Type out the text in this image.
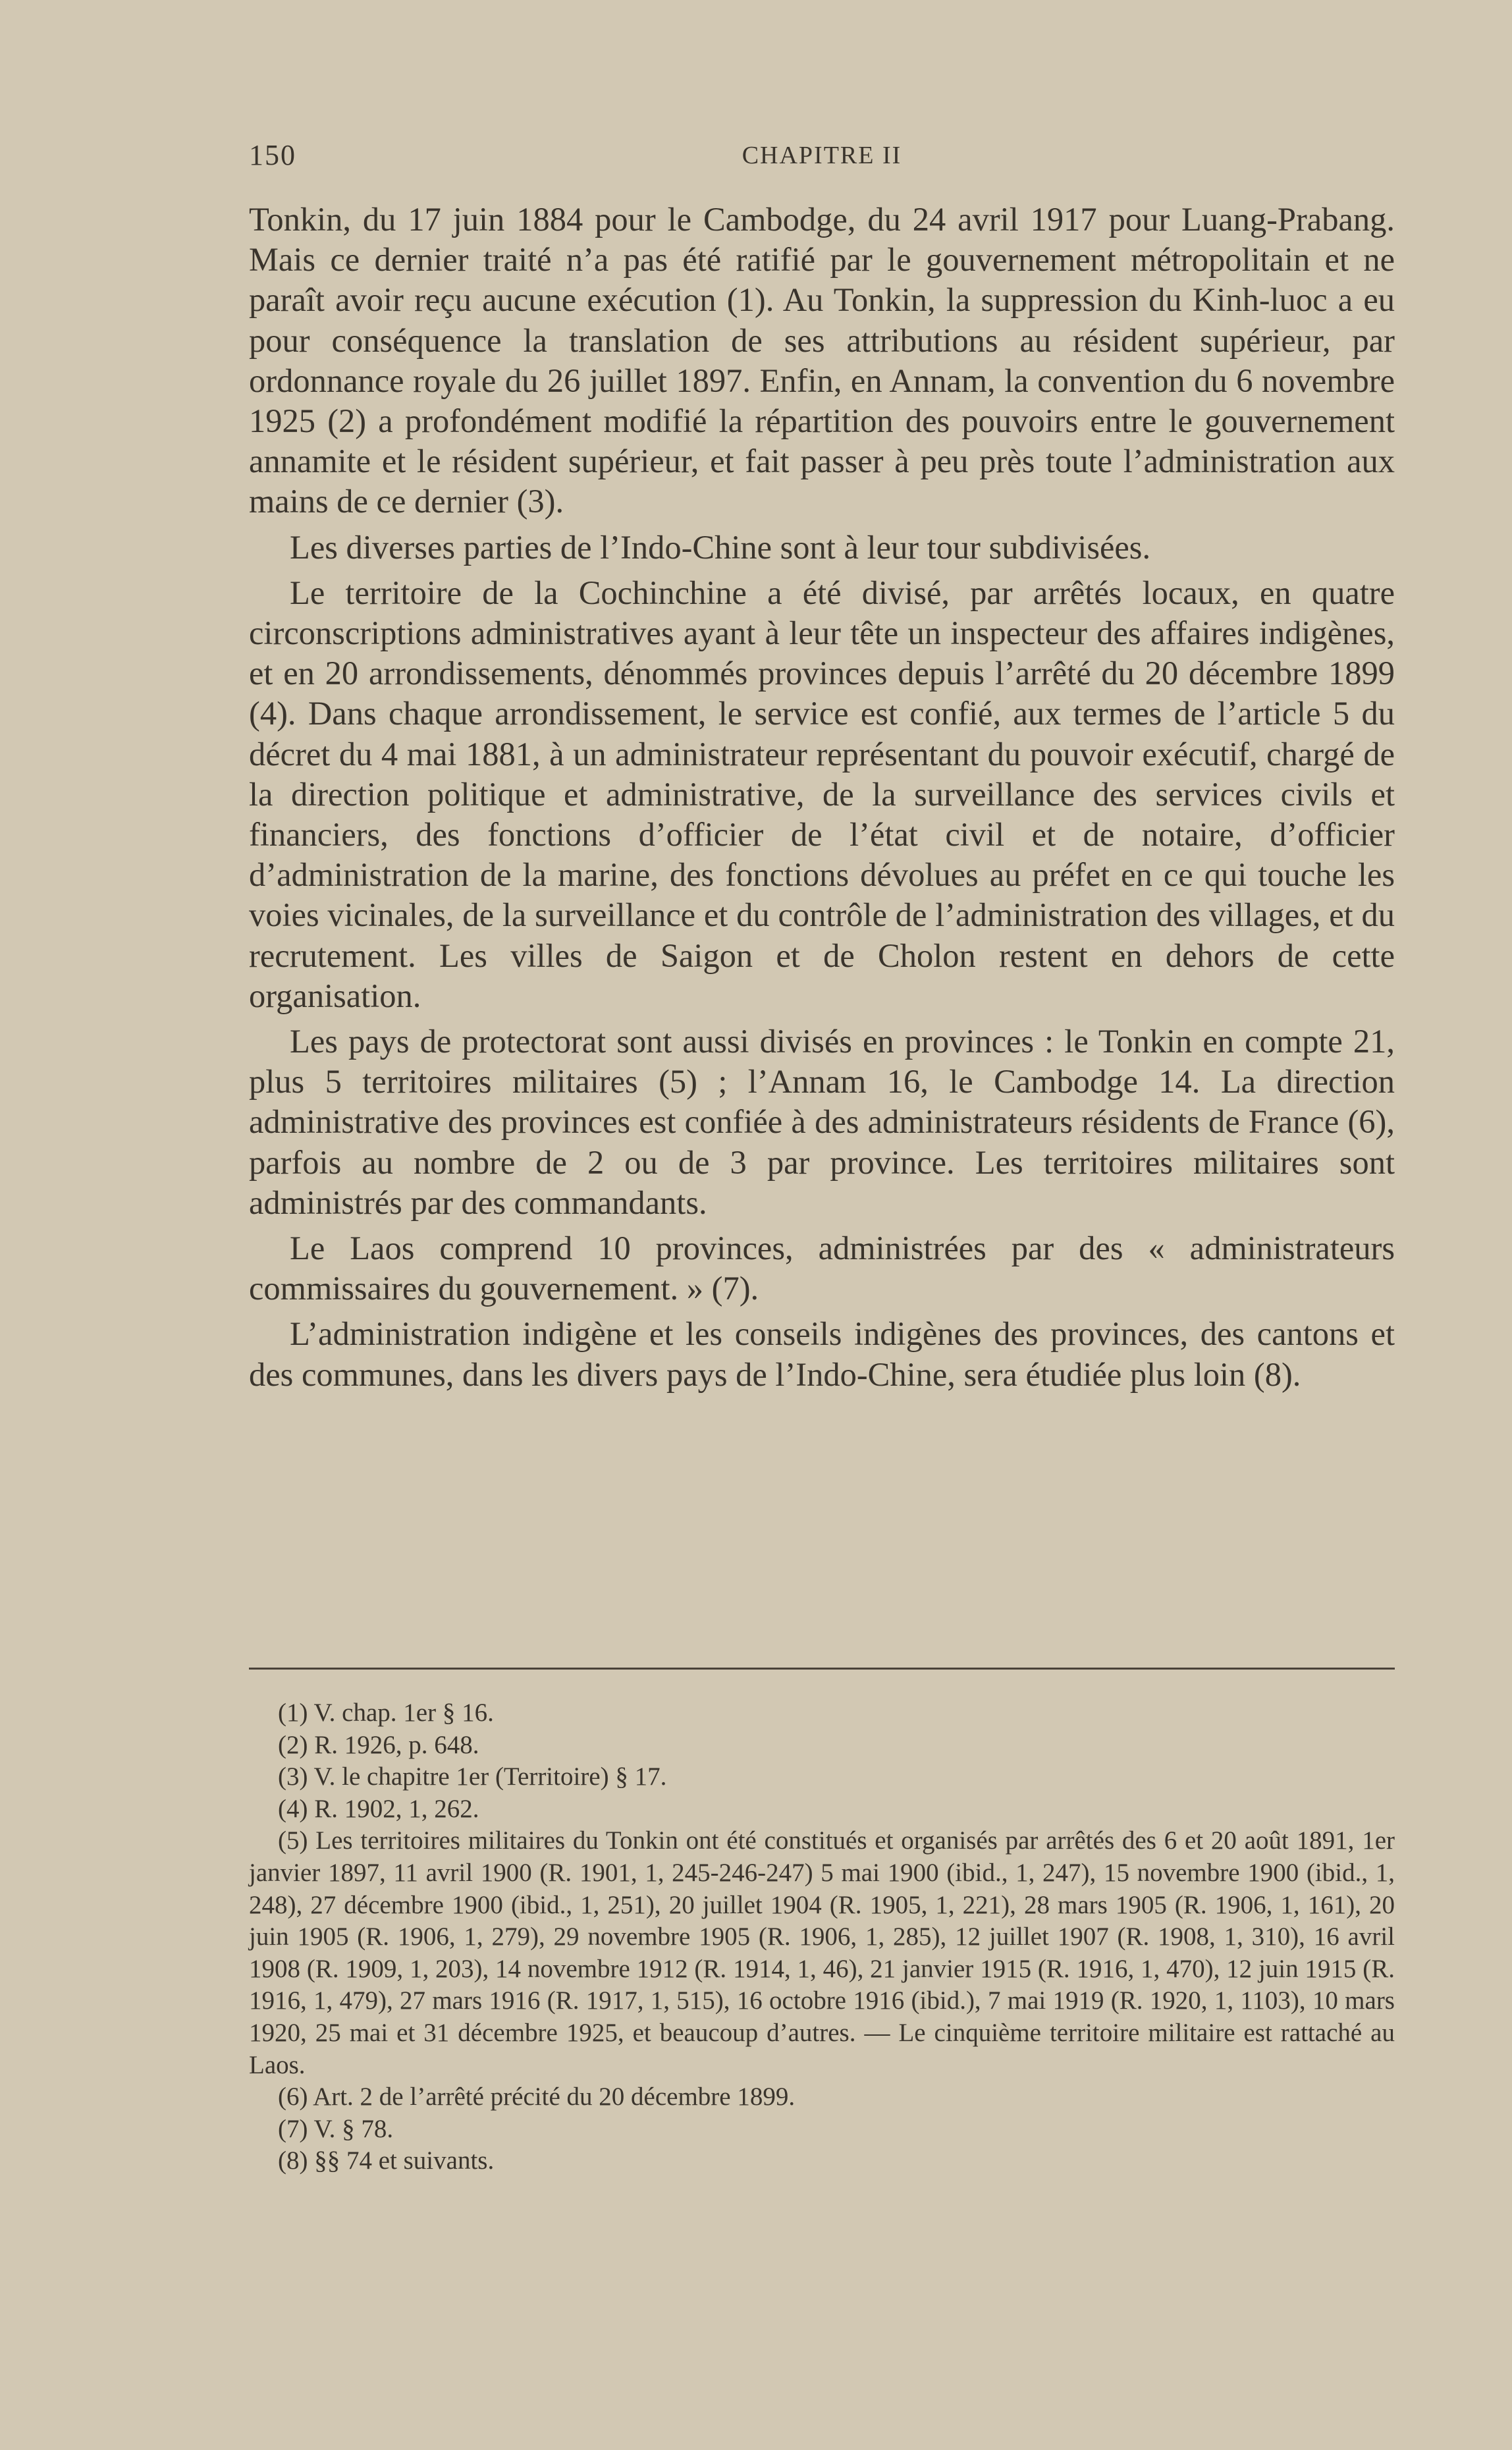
150	CHAPITRE II

Tonkin, du 17 juin 1884 pour le Cambodge, du 24 avril 1917 pour Luang-Prabang. Mais ce dernier traité n’a pas été ratifié par le gouvernement métropolitain et ne paraît avoir reçu aucune exécution (1). Au Tonkin, la suppression du Kinh-luoc a eu pour conséquence la translation de ses attributions au résident supérieur, par ordonnance royale du 26 juillet 1897. Enfin, en Annam, la convention du 6 novembre 1925 (2) a profondément modifié la répartition des pouvoirs entre le gouvernement annamite et le résident supérieur, et fait passer à peu près toute l’administration aux mains de ce dernier (3).

Les diverses parties de l’Indo-Chine sont à leur tour subdivisées.

Le territoire de la Cochinchine a été divisé, par arrêtés locaux, en quatre circonscriptions administratives ayant à leur tête un inspecteur des affaires indigènes, et en 20 arrondissements, dénommés provinces depuis l’arrêté du 20 décembre 1899 (4). Dans chaque arrondissement, le service est confié, aux termes de l’article 5 du décret du 4 mai 1881, à un administrateur représentant du pouvoir exécutif, chargé de la direction politique et administrative, de la surveillance des services civils et financiers, des fonctions d’officier de l’état civil et de notaire, d’officier d’administration de la marine, des fonctions dévolues au préfet en ce qui touche les voies vicinales, de la surveillance et du contrôle de l’administration des villages, et du recrutement. Les villes de Saigon et de Cholon restent en dehors de cette organisation.

Les pays de protectorat sont aussi divisés en provinces : le Tonkin en compte 21, plus 5 territoires militaires (5) ; l’Annam 16, le Cambodge 14. La direction administrative des provinces est confiée à des administrateurs résidents de France (6), parfois au nombre de 2 ou de 3 par province. Les territoires militaires sont administrés par des commandants.

Le Laos comprend 10 provinces, administrées par des « administrateurs commissaires du gouvernement. » (7).

L’administration indigène et les conseils indigènes des provinces, des cantons et des communes, dans les divers pays de l’Indo-Chine, sera étudiée plus loin (8).

(1) V. chap. 1er § 16.

(2) R. 1926, p. 648.

(3) V. le chapitre 1er (Territoire) § 17.

(4) R. 1902, 1, 262.

(5) Les territoires militaires du Tonkin ont été constitués et organisés par arrêtés des 6 et 20 août 1891, 1er janvier 1897, 11 avril 1900 (R. 1901, 1, 245-246-247) 5 mai 1900 (ibid., 1, 247), 15 novembre 1900 (ibid., 1, 248), 27 décembre 1900 (ibid., 1, 251), 20 juillet 1904 (R. 1905, 1, 221), 28 mars 1905 (R. 1906, 1, 161), 20 juin 1905 (R. 1906, 1, 279), 29 novembre 1905 (R. 1906, 1, 285), 12 juillet 1907 (R. 1908, 1, 310), 16 avril 1908 (R. 1909, 1, 203), 14 novembre 1912 (R. 1914, 1, 46), 21 janvier 1915 (R. 1916, 1, 470), 12 juin 1915 (R. 1916, 1, 479), 27 mars 1916 (R. 1917, 1, 515), 16 octobre 1916 (ibid.), 7 mai 1919 (R. 1920, 1, 1103), 10 mars 1920, 25 mai et 31 décembre 1925, et beaucoup d’autres. — Le cinquième territoire militaire est rattaché au Laos.

(6) Art. 2 de l’arrêté précité du 20 décembre 1899.

(7) V. § 78.

(8) §§ 74 et suivants.
